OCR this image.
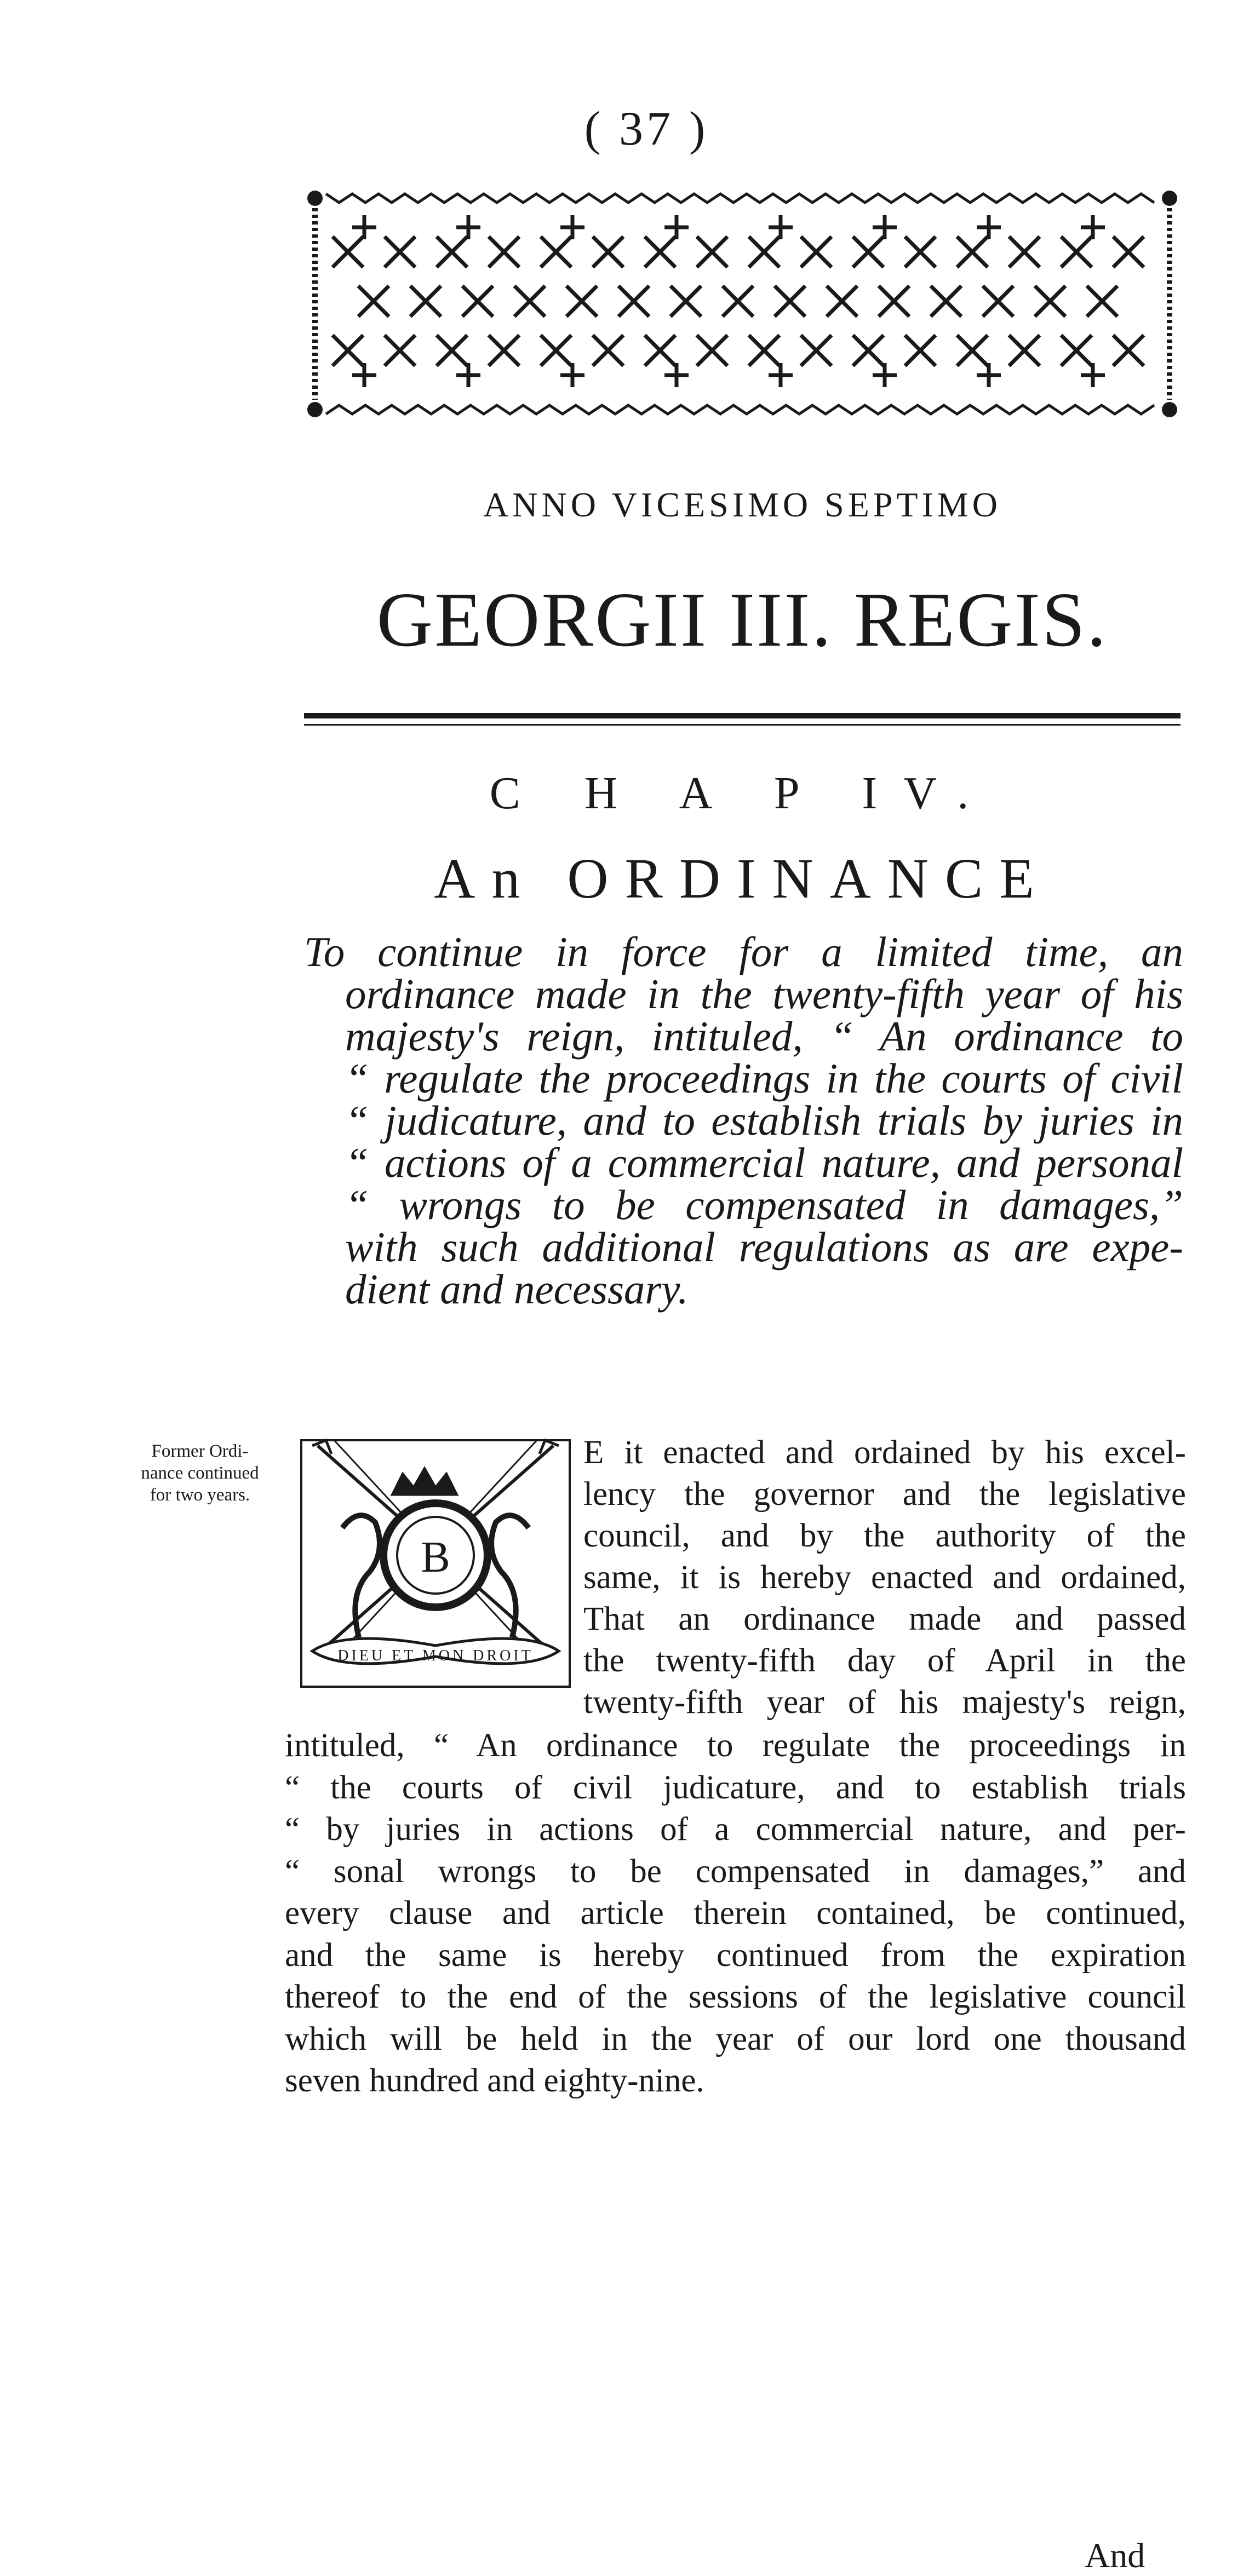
( 37 )
ANNO VICESIMO SEPTIMO
GEORGII III. REGIS.
C H A P IV.
An ORDINANCE
To continue in force for a limited time, an
ordinance made in the twenty-fifth year of his
majesty's reign, intituled, “ An ordinance to
“ regulate the proceedings in the courts of civil
“ judicature, and to establish trials by juries in
“ actions of a commercial nature, and personal
“ wrongs to be compensated in damages,”
with such additional regulations as are expe-
dient and necessary.
Former Ordi-
nance continued
for two years.
B
DIEU ET MON DROIT
E it enacted and ordained by his excel-
lency the governor and the legislative
council, and by the authority of the
same, it is hereby enacted and ordained,
That an ordinance made and passed
the twenty-fifth day of April in the
twenty-fifth year of his majesty's reign,
intituled, “ An ordinance to regulate the proceedings in
“ the courts of civil judicature, and to establish trials
“ by juries in actions of a commercial nature, and per-
“ sonal wrongs to be compensated in damages,” and
every clause and article therein contained, be continued,
and the same is hereby continued from the expiration
thereof to the end of the sessions of the legislative council
which will be held in the year of our lord one thousand
seven hundred and eighty-nine.
And
